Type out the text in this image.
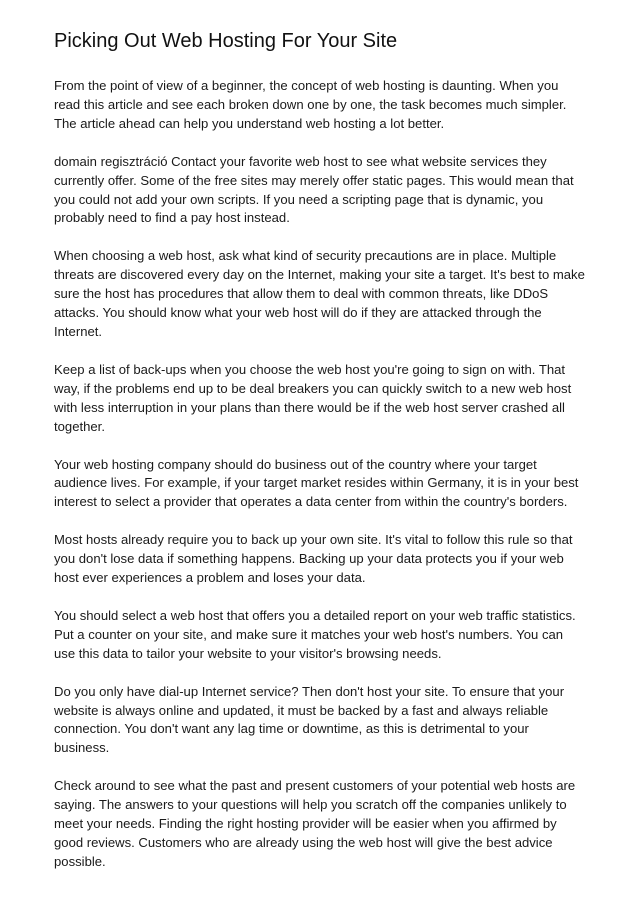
Picking Out Web Hosting For Your Site

From the point of view of a beginner, the concept of web hosting is daunting. When you read this article and see each broken down one by one, the task becomes much simpler. The article ahead can help you understand web hosting a lot better.

domain regisztráció Contact your favorite web host to see what website services they currently offer. Some of the free sites may merely offer static pages. This would mean that you could not add your own scripts. If you need a scripting page that is dynamic, you probably need to find a pay host instead.

When choosing a web host, ask what kind of security precautions are in place. Multiple threats are discovered every day on the Internet, making your site a target. It's best to make sure the host has procedures that allow them to deal with common threats, like DDoS attacks. You should know what your web host will do if they are attacked through the Internet.

Keep a list of back-ups when you choose the web host you're going to sign on with. That way, if the problems end up to be deal breakers you can quickly switch to a new web host with less interruption in your plans than there would be if the web host server crashed all together.

Your web hosting company should do business out of the country where your target audience lives. For example, if your target market resides within Germany, it is in your best interest to select a provider that operates a data center from within the country's borders.

Most hosts already require you to back up your own site. It's vital to follow this rule so that you don't lose data if something happens. Backing up your data protects you if your web host ever experiences a problem and loses your data.

You should select a web host that offers you a detailed report on your web traffic statistics. Put a counter on your site, and make sure it matches your web host's numbers. You can use this data to tailor your website to your visitor's browsing needs.

Do you only have dial-up Internet service? Then don't host your site. To ensure that your website is always online and updated, it must be backed by a fast and always reliable connection. You don't want any lag time or downtime, as this is detrimental to your business.

Check around to see what the past and present customers of your potential web hosts are saying. The answers to your questions will help you scratch off the companies unlikely to meet your needs. Finding the right hosting provider will be easier when you affirmed by good reviews. Customers who are already using the web host will give the best advice possible.
